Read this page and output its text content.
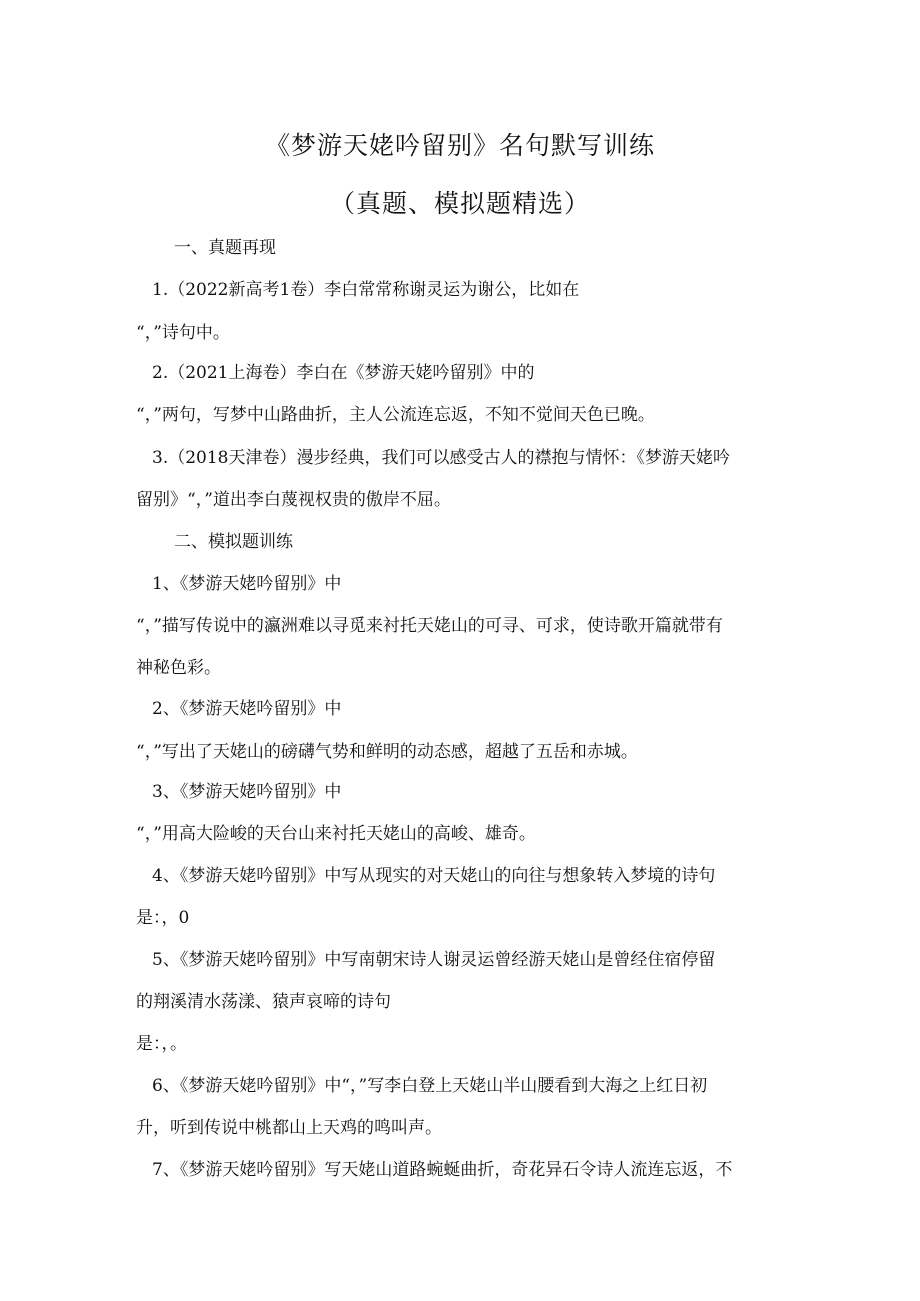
《梦游天姥吟留别》名句默写训练
（真题、模拟题精选）
一、真题再现
1.（2022新高考1卷）李白常常称谢灵运为谢公，比如在
“，”诗句中。
2.（2021上海卷）李白在《梦游天姥吟留别》中的
“，”两句，写梦中山路曲折，主人公流连忘返，不知不觉间天色已晚。
3.（2018天津卷）漫步经典，我们可以感受古人的襟抱与情怀：《梦游天姥吟
留别》“，”道出李白蔑视权贵的傲岸不屈。
二、模拟题训练
1、《梦游天姥吟留别》中
“，”描写传说中的瀛洲难以寻觅来衬托天姥山的可寻、可求，使诗歌开篇就带有
神秘色彩。
2、《梦游天姥吟留别》中
“，”写出了天姥山的磅礴气势和鲜明的动态感，超越了五岳和赤城。
3、《梦游天姥吟留别》中
“，”用高大险峻的天台山来衬托天姥山的高峻、雄奇。
4、《梦游天姥吟留别》中写从现实的对天姥山的向往与想象转入梦境的诗句
是：，0
5、《梦游天姥吟留别》中写南朝宋诗人谢灵运曾经游天姥山是曾经住宿停留
的翔溪清水荡漾、猿声哀啼的诗句
是：，。
6、《梦游天姥吟留别》中“，”写李白登上天姥山半山腰看到大海之上红日初
升，听到传说中桃都山上天鸡的鸣叫声。
7、《梦游天姥吟留别》写天姥山道路蜿蜒曲折，奇花异石令诗人流连忘返，不
